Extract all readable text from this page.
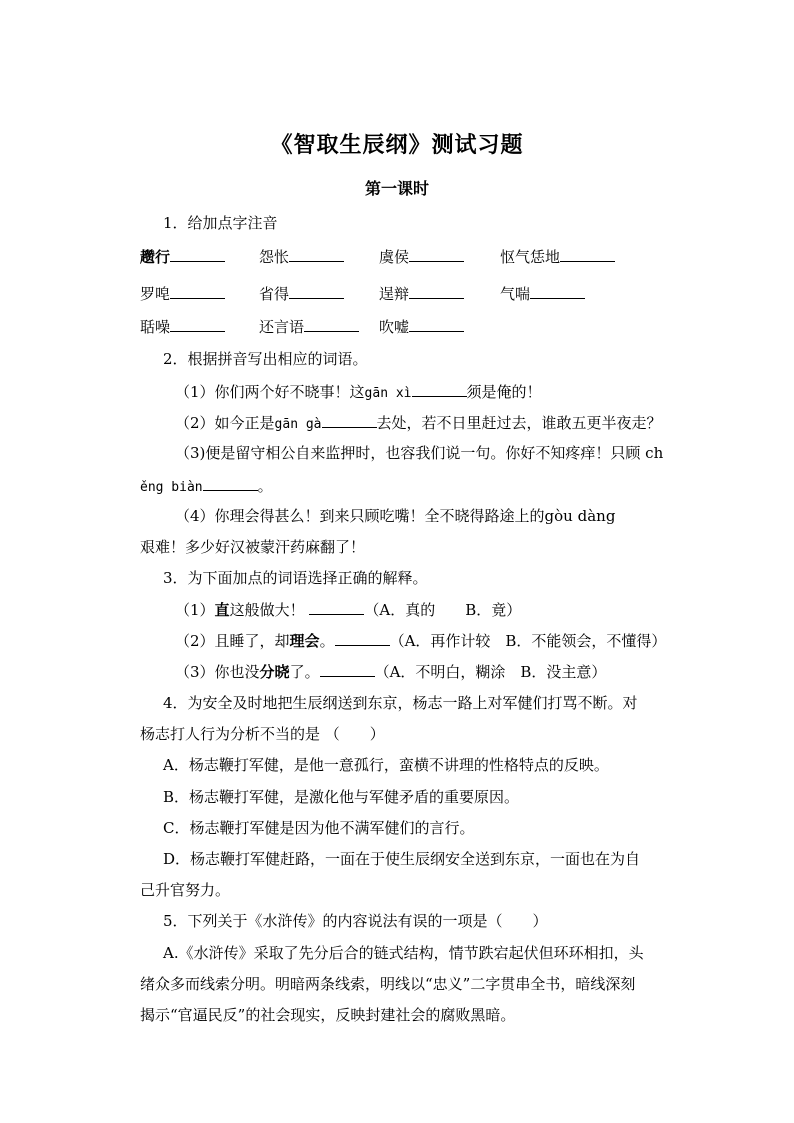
《智取生辰纲》测试习题
第一课时
1．给加点字注音
趱行	怨怅	虞侯	怄气恁地
罗唣	省得	逞辩	气喘
聒噪	还言语	吹嘘
2．根据拼音写出相应的词语。
（1）你们两个好不晓事！这gān xì	须是俺的！
（2）如今正是gān gà	去处，若不日里赶过去，谁敢五更半夜走？
（3)便是留守相公自来监押时，也容我们说一句。你好不知疼痒！只顾 ch
ěng biàn	。
（4）你理会得甚么！到来只顾吃嘴！全不晓得路途上的gòu dàng
艰难！多少好汉被蒙汗药麻翻了！
3．为下面加点的词语选择正确的解释。
（1）直这般做大！	（A．真的　　B．竟）
（2）且睡了，却理会。	（A．再作计较　B．不能领会，不懂得）
（3）你也没分晓了。	（A．不明白，糊涂　B．没主意）
4．为安全及时地把生辰纲送到东京，杨志一路上对军健们打骂不断。对
杨志打人行为分析不当的是 （　　）
A．杨志鞭打军健，是他一意孤行，蛮横不讲理的性格特点的反映。
B．杨志鞭打军健，是激化他与军健矛盾的重要原因。
C．杨志鞭打军健是因为他不满军健们的言行。
D．杨志鞭打军健赶路，一面在于使生辰纲安全送到东京，一面也在为自
己升官努力。
5．下列关于《水浒传》的内容说法有误的一项是（　　）
A.《水浒传》采取了先分后合的链式结构，情节跌宕起伏但环环相扣，头
绪众多而线索分明。明暗两条线索，明线以“忠义”二字贯串全书，暗线深刻
揭示“官逼民反”的社会现实，反映封建社会的腐败黑暗。
